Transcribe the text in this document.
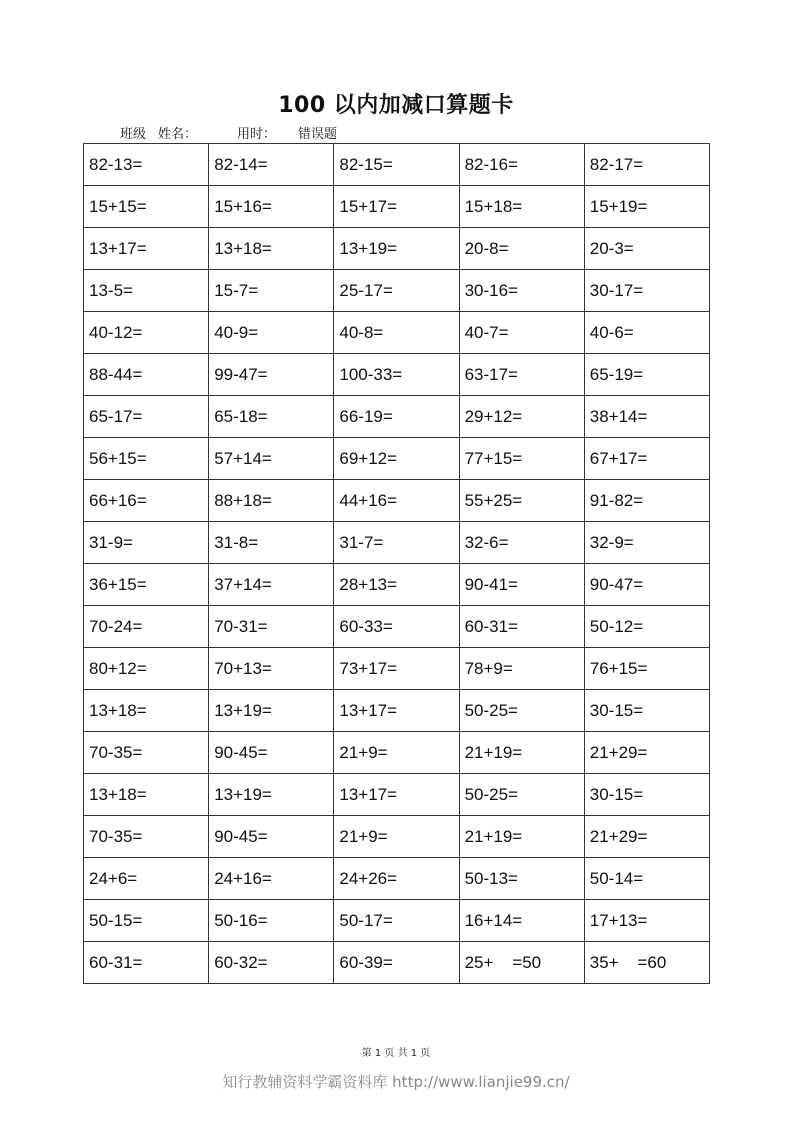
100 以内加减口算题卡
班级 姓名：	用时： 错误题
82-13=	82-14=	82-15=	82-16=	82-17=
15+15=	15+16=	15+17=	15+18=	15+19=
13+17=	13+18=	13+19=	20-8=	20-3=
13-5=	15-7=	25-17=	30-16=	30-17=
40-12=	40-9=	40-8=	40-7=	40-6=
88-44=	99-47=	100-33=	63-17=	65-19=
65-17=	65-18=	66-19=	29+12=	38+14=
56+15=	57+14=	69+12=	77+15=	67+17=
66+16=	88+18=	44+16=	55+25=	91-82=
31-9=	31-8=	31-7=	32-6=	32-9=
36+15=	37+14=	28+13=	90-41=	90-47=
70-24=	70-31=	60-33=	60-31=	50-12=
80+12=	70+13=	73+17=	78+9=	76+15=
13+18=	13+19=	13+17=	50-25=	30-15=
70-35=	90-45=	21+9=	21+19=	21+29=
13+18=	13+19=	13+17=	50-25=	30-15=
70-35=	90-45=	21+9=	21+19=	21+29=
24+6=	24+16=	24+26=	50-13=	50-14=
50-15=	50-16=	50-17=	16+14=	17+13=
60-31=	60-32=	60-39=	25+    =50	35+    =60
第 1 页 共 1 页
知行教辅资料学霸资料库 http://www.lianjie99.cn/
